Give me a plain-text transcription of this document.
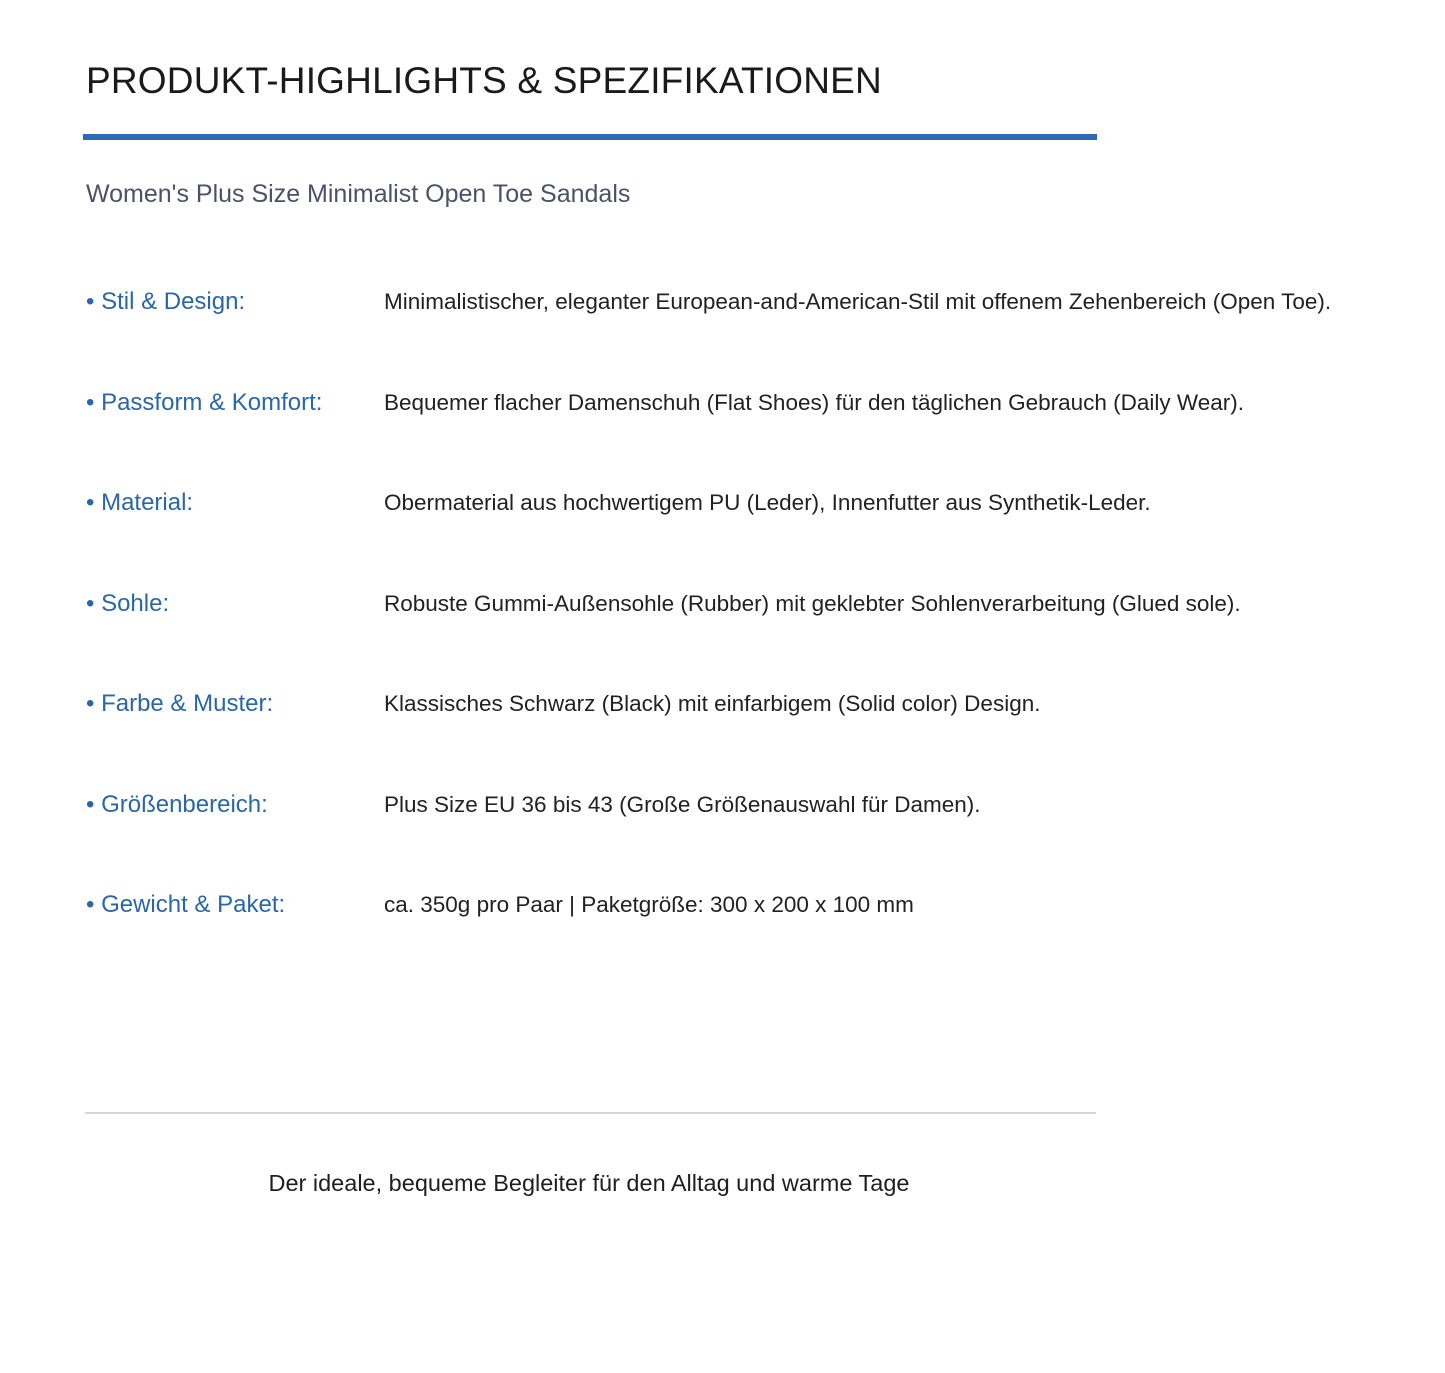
PRODUKT-HIGHLIGHTS & SPEZIFIKATIONEN

Women's Plus Size Minimalist Open Toe Sandals

• Stil & Design:	Minimalistischer, eleganter European-and-American-Stil mit offenem Zehenbereich (Open Toe).
• Passform & Komfort:	Bequemer flacher Damenschuh (Flat Shoes) für den täglichen Gebrauch (Daily Wear).
• Material:	Obermaterial aus hochwertigem PU (Leder), Innenfutter aus Synthetik-Leder.
• Sohle:	Robuste Gummi-Außensohle (Rubber) mit geklebter Sohlenverarbeitung (Glued sole).
• Farbe & Muster:	Klassisches Schwarz (Black) mit einfarbigem (Solid color) Design.
• Größenbereich:	Plus Size EU 36 bis 43 (Große Größenauswahl für Damen).
• Gewicht & Paket:	ca. 350g pro Paar | Paketgröße: 300 x 200 x 100 mm

Der ideale, bequeme Begleiter für den Alltag und warme Tage
